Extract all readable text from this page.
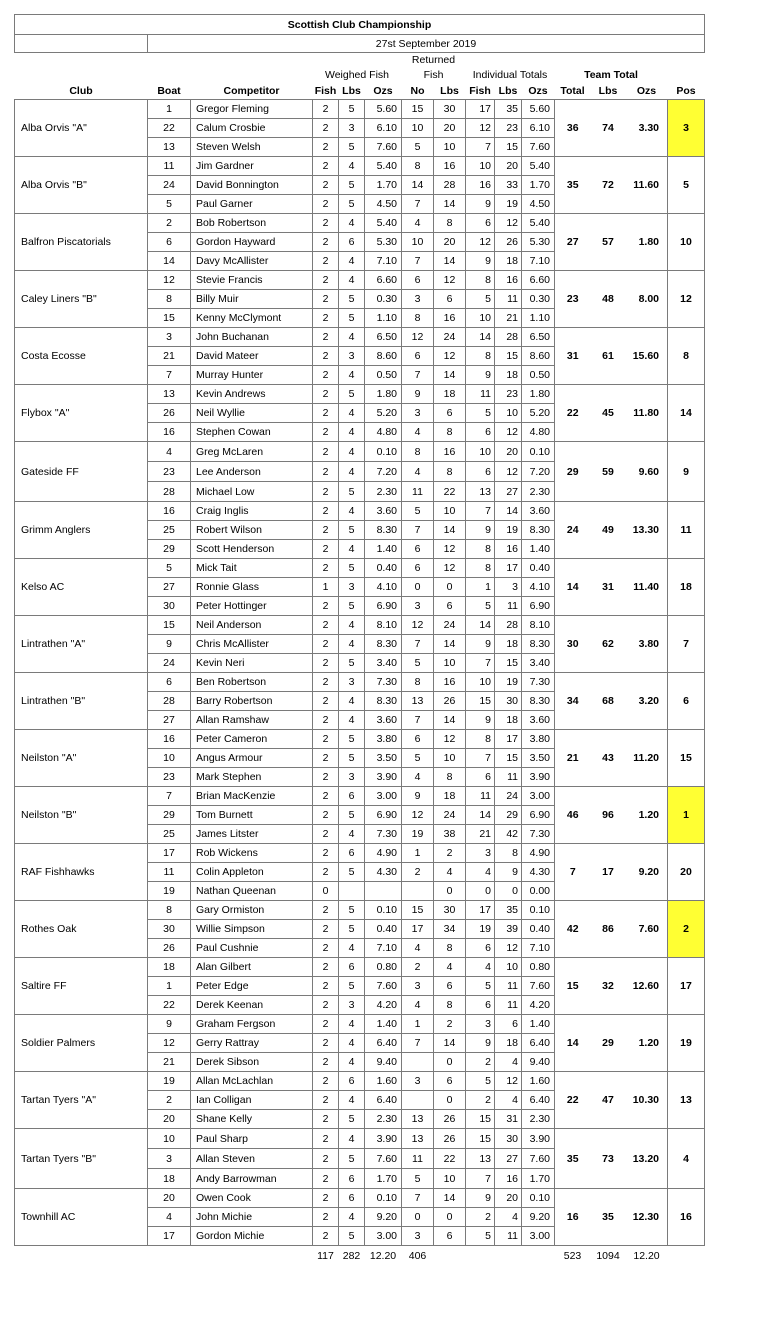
Scottish Club Championship														
	27st September 2019													
						Returned								
			Weighed Fish			Fish		Individual Totals			Team Total			
Club	Boat	Competitor	Fish	Lbs	Ozs	No	Lbs	Fish	Lbs	Ozs	Total	Lbs	Ozs	Pos
Alba Orvis "A"	1	Gregor Fleming	2	5	5.60	15	30	17	35	5.60	36	74	3.30	3
	22	Calum Crosbie	2	3	6.10	10	20	12	23	6.10				
	13	Steven Welsh	2	5	7.60	5	10	7	15	7.60				
Alba Orvis "B"	11	Jim Gardner	2	4	5.40	8	16	10	20	5.40	35	72	11.60	5
	24	David Bonnington	2	5	1.70	14	28	16	33	1.70				
	5	Paul Garner	2	5	4.50	7	14	9	19	4.50				
Balfron Piscatorials	2	Bob Robertson	2	4	5.40	4	8	6	12	5.40	27	57	1.80	10
	6	Gordon Hayward	2	6	5.30	10	20	12	26	5.30				
	14	Davy McAllister	2	4	7.10	7	14	9	18	7.10				
Caley Liners "B"	12	Stevie Francis	2	4	6.60	6	12	8	16	6.60	23	48	8.00	12
	8	Billy Muir	2	5	0.30	3	6	5	11	0.30				
	15	Kenny McClymont	2	5	1.10	8	16	10	21	1.10				
Costa Ecosse	3	John Buchanan	2	4	6.50	12	24	14	28	6.50	31	61	15.60	8
	21	David Mateer	2	3	8.60	6	12	8	15	8.60				
	7	Murray Hunter	2	4	0.50	7	14	9	18	0.50				
Flybox "A"	13	Kevin Andrews	2	5	1.80	9	18	11	23	1.80	22	45	11.80	14
	26	Neil Wyllie	2	4	5.20	3	6	5	10	5.20				
	16	Stephen Cowan	2	4	4.80	4	8	6	12	4.80				
Gateside FF	4	Greg McLaren	2	4	0.10	8	16	10	20	0.10	29	59	9.60	9
	23	Lee Anderson	2	4	7.20	4	8	6	12	7.20				
	28	Michael Low	2	5	2.30	11	22	13	27	2.30				
Grimm Anglers	16	Craig Inglis	2	4	3.60	5	10	7	14	3.60	24	49	13.30	11
	25	Robert Wilson	2	5	8.30	7	14	9	19	8.30				
	29	Scott Henderson	2	4	1.40	6	12	8	16	1.40				
Kelso AC	5	Mick Tait	2	5	0.40	6	12	8	17	0.40	14	31	11.40	18
	27	Ronnie Glass	1	3	4.10	0	0	1	3	4.10				
	30	Peter Hottinger	2	5	6.90	3	6	5	11	6.90				
Lintrathen "A"	15	Neil Anderson	2	4	8.10	12	24	14	28	8.10	30	62	3.80	7
	9	Chris McAllister	2	4	8.30	7	14	9	18	8.30				
	24	Kevin Neri	2	5	3.40	5	10	7	15	3.40				
Lintrathen "B"	6	Ben Robertson	2	3	7.30	8	16	10	19	7.30	34	68	3.20	6
	28	Barry Robertson	2	4	8.30	13	26	15	30	8.30				
	27	Allan Ramshaw	2	4	3.60	7	14	9	18	3.60				
Neilston "A"	16	Peter Cameron	2	5	3.80	6	12	8	17	3.80	21	43	11.20	15
	10	Angus Armour	2	5	3.50	5	10	7	15	3.50				
	23	Mark Stephen	2	3	3.90	4	8	6	11	3.90				
Neilston "B"	7	Brian MacKenzie	2	6	3.00	9	18	11	24	3.00	46	96	1.20	1
	29	Tom Burnett	2	5	6.90	12	24	14	29	6.90				
	25	James Litster	2	4	7.30	19	38	21	42	7.30				
RAF Fishhawks	17	Rob Wickens	2	6	4.90	1	2	3	8	4.90	7	17	9.20	20
	11	Colin Appleton	2	5	4.30	2	4	4	9	4.30				
	19	Nathan Queenan	0				0	0	0	0.00				
Rothes Oak	8	Gary Ormiston	2	5	0.10	15	30	17	35	0.10	42	86	7.60	2
	30	Willie Simpson	2	5	0.40	17	34	19	39	0.40				
	26	Paul Cushnie	2	4	7.10	4	8	6	12	7.10				
Saltire FF	18	Alan Gilbert	2	6	0.80	2	4	4	10	0.80	15	32	12.60	17
	1	Peter Edge	2	5	7.60	3	6	5	11	7.60				
	22	Derek Keenan	2	3	4.20	4	8	6	11	4.20				
Soldier Palmers	9	Graham Fergson	2	4	1.40	1	2	3	6	1.40	14	29	1.20	19
	12	Gerry Rattray	2	4	6.40	7	14	9	18	6.40				
	21	Derek Sibson	2	4	9.40		0	2	4	9.40				
Tartan Tyers "A"	19	Allan McLachlan	2	6	1.60	3	6	5	12	1.60	22	47	10.30	13
	2	Ian Colligan	2	4	6.40		0	2	4	6.40				
	20	Shane Kelly	2	5	2.30	13	26	15	31	2.30				
Tartan Tyers "B"	10	Paul Sharp	2	4	3.90	13	26	15	30	3.90	35	73	13.20	4
	3	Allan Steven	2	5	7.60	11	22	13	27	7.60				
	18	Andy Barrowman	2	6	1.70	5	10	7	16	1.70				
Townhill AC	20	Owen Cook	2	6	0.10	7	14	9	20	0.10	16	35	12.30	16
	4	John Michie	2	4	9.20	0	0	2	4	9.20				
	17	Gordon Michie	2	5	3.00	3	6	5	11	3.00				
			117	282	12.20	406					523	1094	12.20	
